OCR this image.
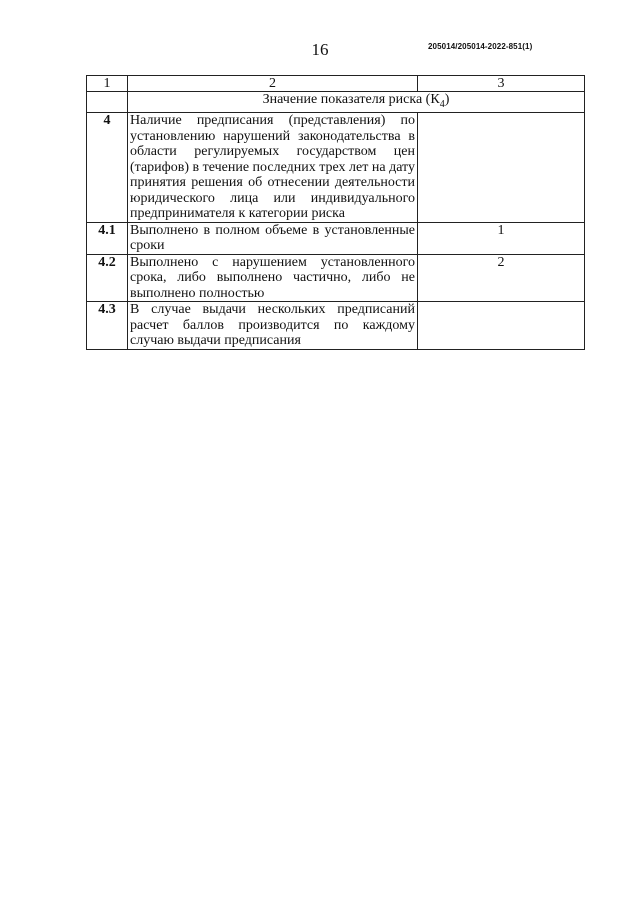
16	205014/205014-2022-851(1)
1	2	3
	Значение показателя риска $(К_4)$	
4	Наличие предписания (представления) по установлению нарушений законодательства в области регулируемых государством цен (тарифов) в течение последних трех лет на дату принятия решения об отнесении деятельности юридического лица или индивидуального предпринимателя к категории риска	
4.1	Выполнено в полном объеме в установленные сроки	1
4.2	Выполнено с нарушением установленного срока, либо выполнено частично, либо не выполнено полностью	2
4.3	В случае выдачи нескольких предписаний расчет баллов производится по каждому случаю выдачи предписания	
